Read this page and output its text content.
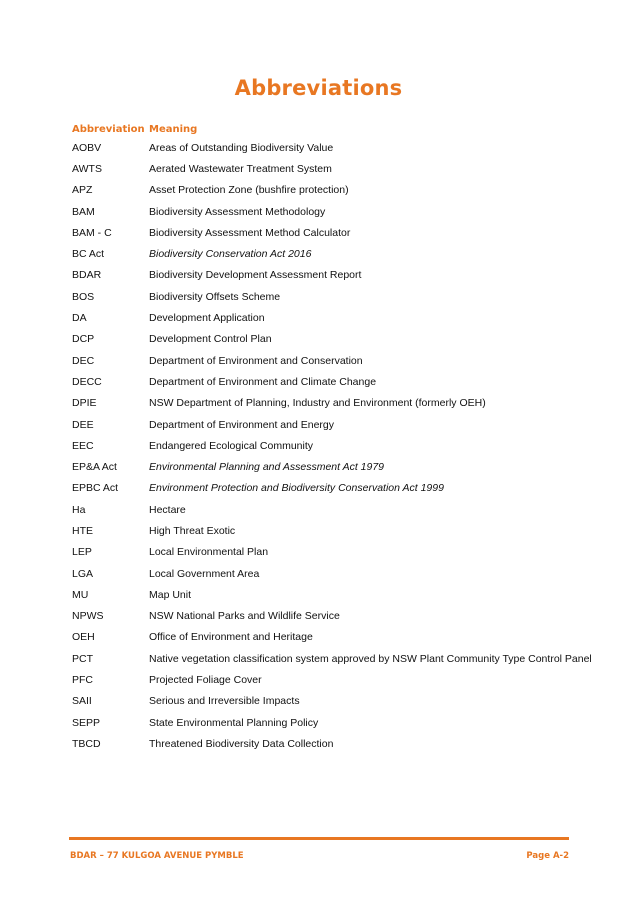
Abbreviations
Abbreviation Meaning
AOBV	Areas of Outstanding Biodiversity Value
AWTS	Aerated Wastewater Treatment System
APZ	Asset Protection Zone (bushfire protection)
BAM	Biodiversity Assessment Methodology
BAM - C	Biodiversity Assessment Method Calculator
BC Act	Biodiversity Conservation Act 2016
BDAR	Biodiversity Development Assessment Report
BOS	Biodiversity Offsets Scheme
DA	Development Application
DCP	Development Control Plan
DEC	Department of Environment and Conservation
DECC	Department of Environment and Climate Change
DPIE	NSW Department of Planning, Industry and Environment (formerly OEH)
DEE	Department of Environment and Energy
EEC	Endangered Ecological Community
EP&A Act	Environmental Planning and Assessment Act 1979
EPBC Act	Environment Protection and Biodiversity Conservation Act 1999
Ha	Hectare
HTE	High Threat Exotic
LEP	Local Environmental Plan
LGA	Local Government Area
MU	Map Unit
NPWS	NSW National Parks and Wildlife Service
OEH	Office of Environment and Heritage
PCT	Native vegetation classification system approved by NSW Plant Community Type Control Panel
PFC	Projected Foliage Cover
SAII	Serious and Irreversible Impacts
SEPP	State Environmental Planning Policy
TBCD	Threatened Biodiversity Data Collection
BDAR – 77 KULGOA AVENUE PYMBLE	Page A-2
